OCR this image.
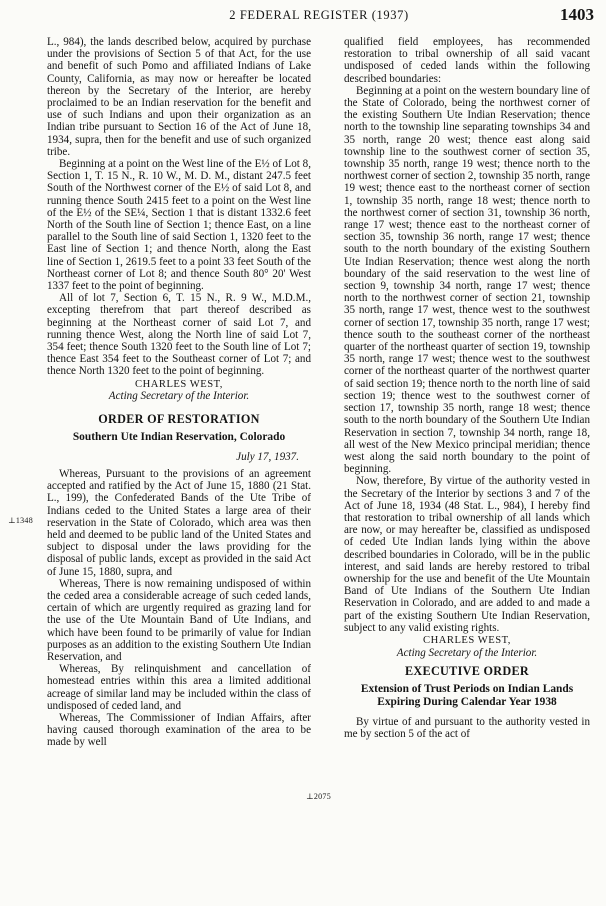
2 FEDERAL REGISTER (1937)	1403

L., 984), the lands described below, acquired by purchase under the provisions of Section 5 of that Act, for the use and benefit of such Pomo and affiliated Indians of Lake County, California, as may now or hereafter be located thereon by the Secretary of the Interior, are hereby proclaimed to be an Indian reservation for the benefit and use of such Indians and upon their organization as an Indian tribe pursuant to Section 16 of the Act of June 18, 1934, supra, then for the benefit and use of such organized tribe.

Beginning at a point on the West line of the E½ of Lot 8, Section 1, T. 15 N., R. 10 W., M. D. M., distant 247.5 feet South of the Northwest corner of the E½ of said Lot 8, and running thence South 2415 feet to a point on the West line of the E½ of the SE¼, Section 1 that is distant 1332.6 feet North of the South line of Section 1; thence East, on a line parallel to the South line of said Section 1, 1320 feet to the East line of Section 1; and thence North, along the East line of Section 1, 2619.5 feet to a point 33 feet South of the Northeast corner of Lot 8; and thence South 80° 20' West 1337 feet to the point of beginning.

All of lot 7, Section 6, T. 15 N., R. 9 W., M.D.M., excepting therefrom that part thereof described as beginning at the Northeast corner of said Lot 7, and running thence West, along the North line of said Lot 7, 354 feet; thence South 1320 feet to the South line of Lot 7; thence East 354 feet to the Southeast corner of Lot 7; and thence North 1320 feet to the point of beginning.

CHARLES WEST,
Acting Secretary of the Interior.
ORDER OF RESTORATION
Southern Ute Indian Reservation, Colorado
July 17, 1937.

Whereas, Pursuant to the provisions of an agreement accepted and ratified by the Act of June 15, 1880 (21 Stat. L., 199), the Confederated Bands of the Ute Tribe of Indians ceded to the United States a large area of their reservation in the State of Colorado, which area was then held and deemed to be public land of the United States and subject to disposal under the laws providing for the disposal of public lands, except as provided in the said Act of June 15, 1880, supra, and

Whereas, There is now remaining undisposed of within the ceded area a considerable acreage of such ceded lands, certain of which are urgently required as grazing land for the use of the Ute Mountain Band of Ute Indians, and which have been found to be primarily of value for Indian purposes as an addition to the existing Southern Ute Indian Reservation, and

Whereas, By relinquishment and cancellation of homestead entries within this area a limited additional acreage of similar land may be included within the class of undisposed of ceded land, and

Whereas, The Commissioner of Indian Affairs, after having caused thorough examination of the area to be made by well

⊥1348

qualified field employees, has recommended restoration to tribal ownership of all said vacant undisposed of ceded lands within the following described boundaries:

Beginning at a point on the western boundary line of the State of Colorado, being the northwest corner of the existing Southern Ute Indian Reservation; thence north to the township line separating townships 34 and 35 north, range 20 west; thence east along said township line to the southwest corner of section 35, township 35 north, range 19 west; thence north to the northwest corner of section 2, township 35 north, range 19 west; thence east to the northeast corner of section 1, township 35 north, range 18 west; thence north to the northwest corner of section 31, township 36 north, range 17 west; thence east to the northeast corner of section 35, township 36 north, range 17 west; thence south to the north boundary of the existing Southern Ute Indian Reservation; thence west along the north boundary of the said reservation to the west line of section 9, township 34 north, range 17 west; thence north to the northwest corner of section 21, township 35 north, range 17 west, thence west to the southwest corner of section 17, township 35 north, range 17 west; thence south to the southeast corner of the northeast quarter of the northeast quarter of section 19, township 35 north, range 17 west; thence west to the southwest corner of the northeast quarter of the northwest quarter of said section 19; thence north to the north line of said section 19; thence west to the southwest corner of section 17, township 35 north, range 18 west; thence south to the north boundary of the Southern Ute Indian Reservation in section 7, township 34 north, range 18, all west of the New Mexico principal meridian; thence west along the said north boundary to the point of beginning.

Now, therefore, By virtue of the authority vested in the Secretary of the Interior by sections 3 and 7 of the Act of June 18, 1934 (48 Stat. L., 984), I hereby find that restoration to tribal ownership of all lands which are now, or may hereafter be, classified as undisposed of ceded Ute Indian lands lying within the above described boundaries in Colorado, will be in the public interest, and said lands are hereby restored to tribal ownership for the use and benefit of the Ute Mountain Band of Ute Indians of the Southern Ute Indian Reservation in Colorado, and are added to and made a part of the existing Southern Ute Indian Reservation, subject to any valid existing rights.

CHARLES WEST,
Acting Secretary of the Interior.
EXECUTIVE ORDER
Extension of Trust Periods on Indian Lands Expiring During Calendar Year 1938

By virtue of and pursuant to the authority vested in me by section 5 of the act of

⊥2075
